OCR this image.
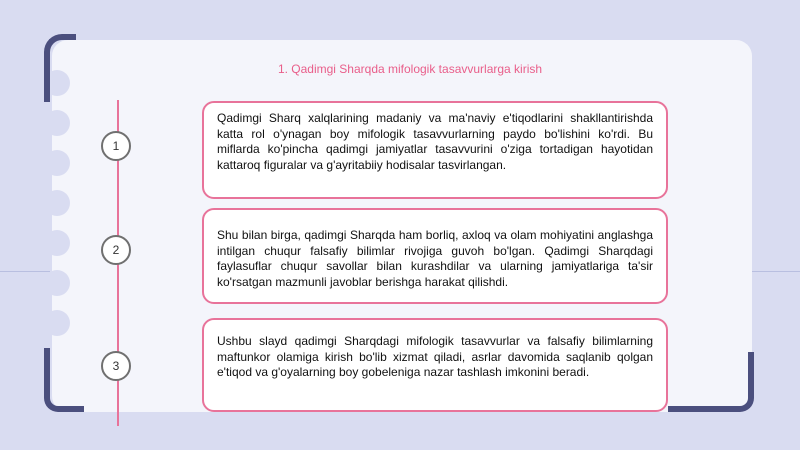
1. Qadimgi Sharqda mifologik tasavvurlarga kirish
1
2
3

Qadimgi Sharq xalqlarining madaniy va ma'naviy e'tiqodlarini shakllantirishda katta rol o'ynagan boy mifologik tasavvurlarning paydo bo'lishini ko'rdi. Bu miflarda ko'pincha qadimgi jamiyatlar tasavvurini o'ziga tortadigan hayotidan kattaroq figuralar va g'ayritabiiy hodisalar tasvirlangan.

Shu bilan birga, qadimgi Sharqda ham borliq, axloq va olam mohiyatini anglashga intilgan chuqur falsafiy bilimlar rivojiga guvoh bo'lgan. Qadimgi Sharqdagi faylasuflar chuqur savollar bilan kurashdilar va ularning jamiyatlariga ta'sir ko'rsatgan mazmunli javoblar berishga harakat qilishdi.

Ushbu slayd qadimgi Sharqdagi mifologik tasavvurlar va falsafiy bilimlarning maftunkor olamiga kirish bo'lib xizmat qiladi, asrlar davomida saqlanib qolgan e'tiqod va g'oyalarning boy gobeleniga nazar tashlash imkonini beradi.
